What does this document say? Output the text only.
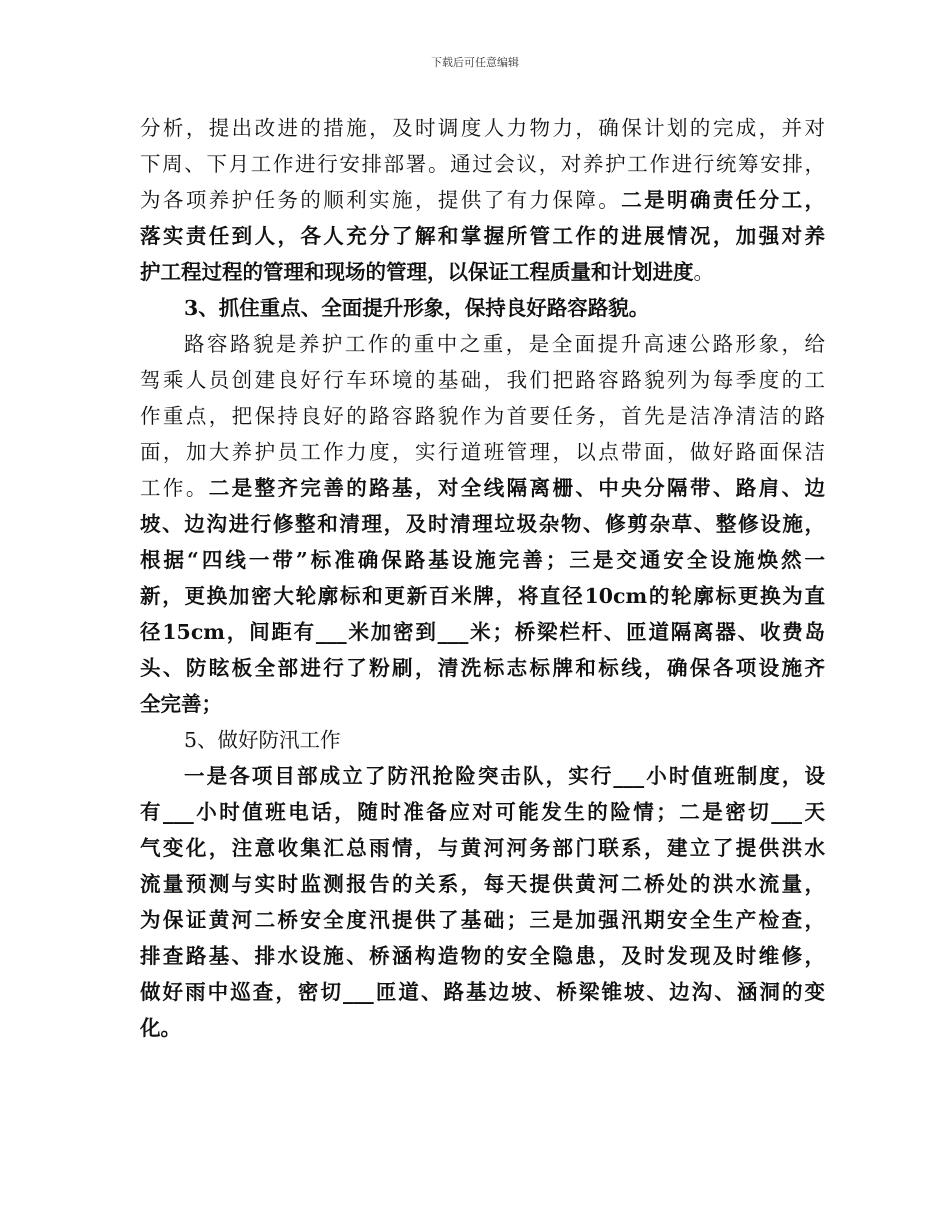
下载后可任意编辑
分析，提出改进的措施，及时调度人力物力，确保计划的完成，并对
下周、下月工作进行安排部署。通过会议，对养护工作进行统筹安排，
为各项养护任务的顺利实施，提供了有力保障。二是明确责任分工，
落实责任到人，各人充分了解和掌握所管工作的进展情况，加强对养
护工程过程的管理和现场的管理，以保证工程质量和计划进度。
3、抓住重点、全面提升形象，保持良好路容路貌。
路容路貌是养护工作的重中之重，是全面提升高速公路形象，给
驾乘人员创建良好行车环境的基础，我们把路容路貌列为每季度的工
作重点，把保持良好的路容路貌作为首要任务，首先是洁净清洁的路
面，加大养护员工作力度，实行道班管理，以点带面，做好路面保洁
工作。二是整齐完善的路基，对全线隔离栅、中央分隔带、路肩、边
坡、边沟进行修整和清理，及时清理垃圾杂物、修剪杂草、整修设施，
根据“四线一带”标准确保路基设施完善；三是交通安全设施焕然一
新，更换加密大轮廓标和更新百米牌，将直径10cm的轮廓标更换为直
径15cm，间距有___米加密到___米；桥梁栏杆、匝道隔离器、收费岛
头、防眩板全部进行了粉刷，清洗标志标牌和标线，确保各项设施齐
全完善；
5、做好防汛工作
一是各项目部成立了防汛抢险突击队，实行___小时值班制度，设
有___小时值班电话，随时准备应对可能发生的险情；二是密切___天
气变化，注意收集汇总雨情，与黄河河务部门联系，建立了提供洪水
流量预测与实时监测报告的关系，每天提供黄河二桥处的洪水流量，
为保证黄河二桥安全度汛提供了基础；三是加强汛期安全生产检查，
排查路基、排水设施、桥涵构造物的安全隐患，及时发现及时维修，
做好雨中巡查，密切___匝道、路基边坡、桥梁锥坡、边沟、涵洞的变
化。
